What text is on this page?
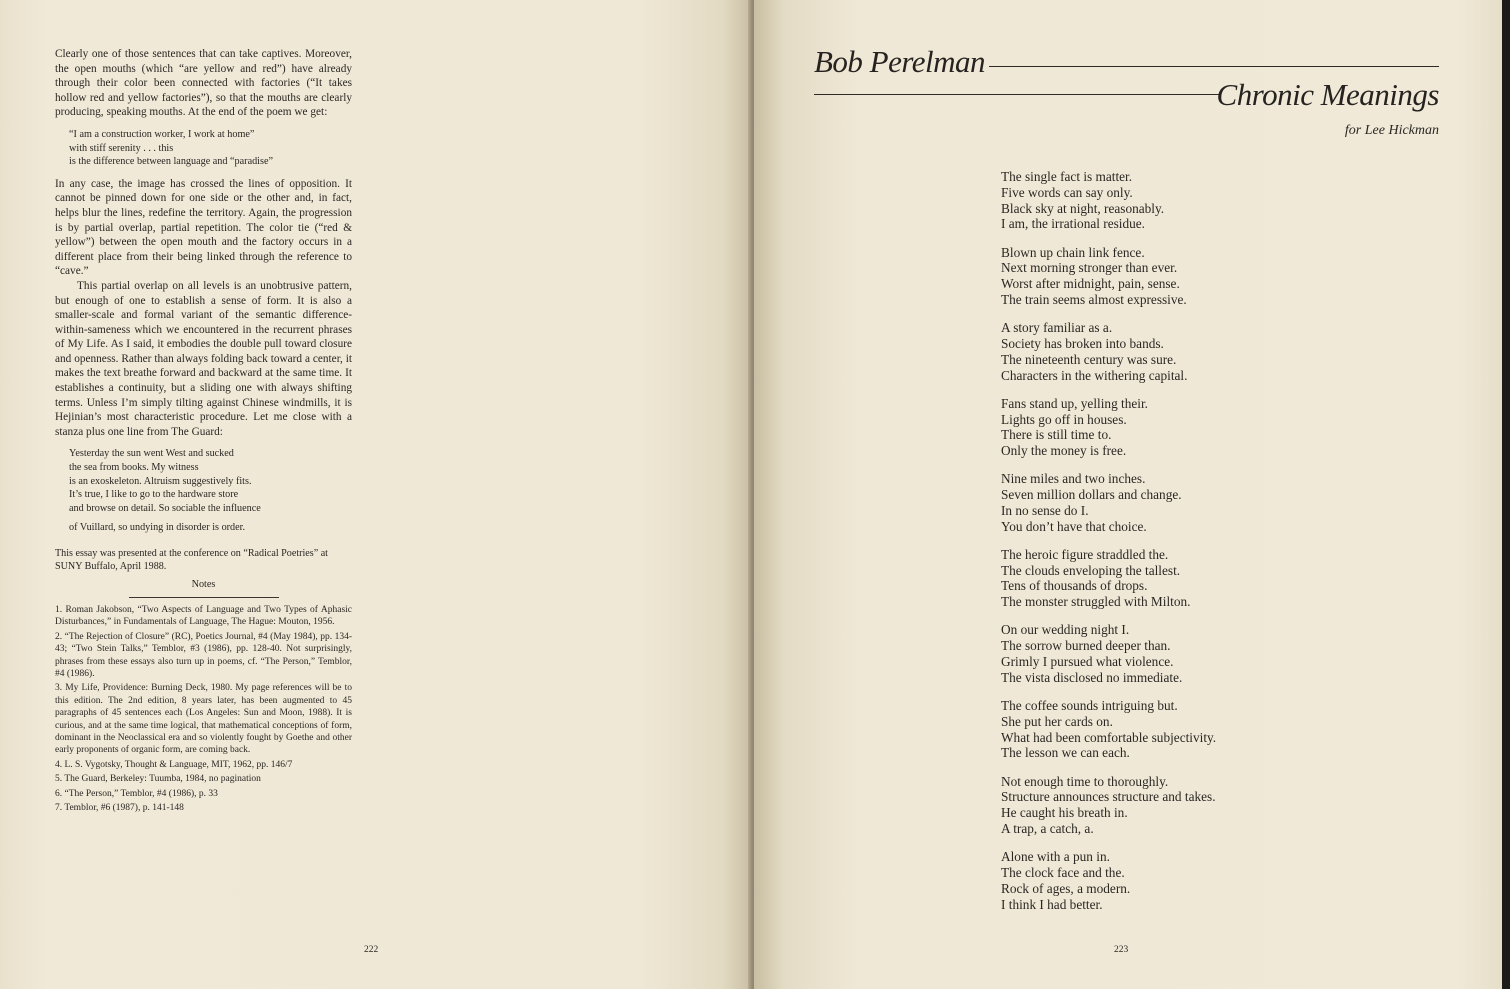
Clearly one of those sentences that can take captives. Moreover, the open mouths (which “are yellow and red”) have already through their color been connected with factories (“It takes hollow red and yellow factories”), so that the mouths are clearly producing, speaking mouths. At the end of the poem we get:

“I am a construction worker, I work at home”
with stiff serenity . . . this
is the difference between language and “paradise”

In any case, the image has crossed the lines of opposition. It cannot be pinned down for one side or the other and, in fact, helps blur the lines, redefine the territory. Again, the progression is by partial overlap, partial repetition. The color tie (“red & yellow”) between the open mouth and the factory occurs in a different place from their being linked through the reference to “cave.”

This partial overlap on all levels is an unobtrusive pattern, but enough of one to establish a sense of form. It is also a smaller-scale and formal variant of the semantic difference-within-sameness which we encountered in the recurrent phrases of My Life. As I said, it embodies the double pull toward closure and openness. Rather than always folding back toward a center, it makes the text breathe forward and backward at the same time. It establishes a continuity, but a sliding one with always shifting terms. Unless I’m simply tilting against Chinese windmills, it is Hejinian’s most characteristic procedure. Let me close with a stanza plus one line from The Guard:

Yesterday the sun went West and sucked
the sea from books. My witness
is an exoskeleton. Altruism suggestively fits.
It’s true, I like to go to the hardware store
and browse on detail. So sociable the influence
of Vuillard, so undying in disorder is order.

This essay was presented at the conference on “Radical Poetries” at SUNY Buffalo, April 1988.

Notes
1. Roman Jakobson, “Two Aspects of Language and Two Types of Aphasic Disturbances,” in Fundamentals of Language, The Hague: Mouton, 1956.
2. “The Rejection of Closure” (RC), Poetics Journal, #4 (May 1984), pp. 134-43; “Two Stein Talks,” Temblor, #3 (1986), pp. 128-40. Not surprisingly, phrases from these essays also turn up in poems, cf. “The Person,” Temblor, #4 (1986).
3. My Life, Providence: Burning Deck, 1980. My page references will be to this edition. The 2nd edition, 8 years later, has been augmented to 45 paragraphs of 45 sentences each (Los Angeles: Sun and Moon, 1988). It is curious, and at the same time logical, that mathematical conceptions of form, dominant in the Neoclassical era and so violently fought by Goethe and other early proponents of organic form, are coming back.
4. L. S. Vygotsky, Thought & Language, MIT, 1962, pp. 146/7
5. The Guard, Berkeley: Tuumba, 1984, no pagination
6. “The Person,” Temblor, #4 (1986), p. 33
7. Temblor, #6 (1987), p. 141-148
222
Bob Perelman
Chronic Meanings
for Lee Hickman
The single fact is matter.
Five words can say only.
Black sky at night, reasonably.
I am, the irrational residue.
Blown up chain link fence.
Next morning stronger than ever.
Worst after midnight, pain, sense.
The train seems almost expressive.
A story familiar as a.
Society has broken into bands.
The nineteenth century was sure.
Characters in the withering capital.
Fans stand up, yelling their.
Lights go off in houses.
There is still time to.
Only the money is free.
Nine miles and two inches.
Seven million dollars and change.
In no sense do I.
You don’t have that choice.
The heroic figure straddled the.
The clouds enveloping the tallest.
Tens of thousands of drops.
The monster struggled with Milton.
On our wedding night I.
The sorrow burned deeper than.
Grimly I pursued what violence.
The vista disclosed no immediate.
The coffee sounds intriguing but.
She put her cards on.
What had been comfortable subjectivity.
The lesson we can each.
Not enough time to thoroughly.
Structure announces structure and takes.
He caught his breath in.
A trap, a catch, a.
Alone with a pun in.
The clock face and the.
Rock of ages, a modern.
I think I had better.
223
